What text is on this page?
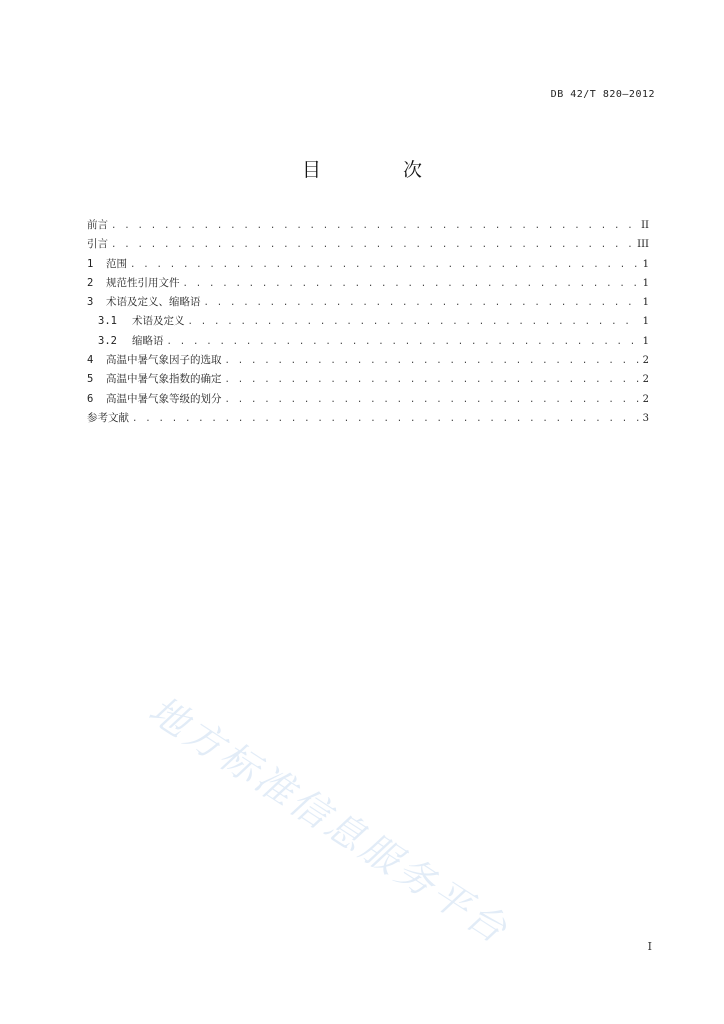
DB 42/T 820—2012
目 次
前言 . . .	II
引言 . . .	III
1	范围 . . .	1
2	规范性引用文件 . . .	1
3	术语及定义、缩略语 . . .	1
3.1	术语及定义 . . .	1
3.2	缩略语 . . .	1
4	高温中暑气象因子的选取 . . .	2
5	高温中暑气象指数的确定 . . .	2
6	高温中暑气象等级的划分 . . .	2
参考文献 . . .	3
地方标准信息服务平台	I
